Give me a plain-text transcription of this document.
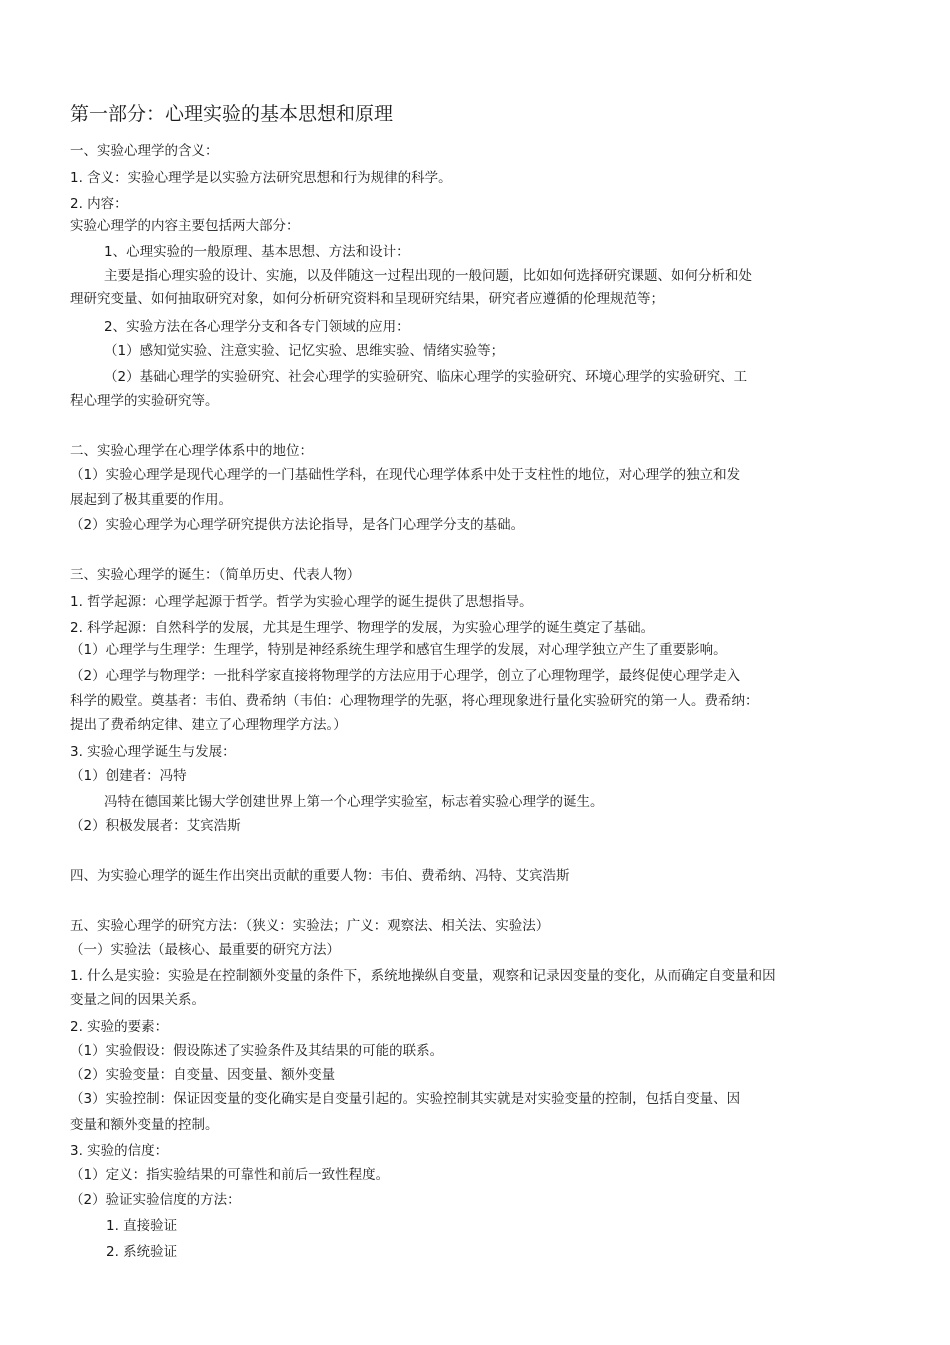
第一部分：心理实验的基本思想和原理
一、实验心理学的含义：
1. 含义：实验心理学是以实验方法研究思想和行为规律的科学。
2. 内容：
实验心理学的内容主要包括两大部分：
1、心理实验的一般原理、基本思想、方法和设计：
主要是指心理实验的设计、实施，以及伴随这一过程出现的一般问题，比如如何选择研究课题、如何分析和处
理研究变量、如何抽取研究对象，如何分析研究资料和呈现研究结果，研究者应遵循的伦理规范等；
2、实验方法在各心理学分支和各专门领域的应用：
（1）感知觉实验、注意实验、记忆实验、思维实验、情绪实验等；
（2）基础心理学的实验研究、社会心理学的实验研究、临床心理学的实验研究、环境心理学的实验研究、工
程心理学的实验研究等。
二、实验心理学在心理学体系中的地位：
（1）实验心理学是现代心理学的一门基础性学科，在现代心理学体系中处于支柱性的地位，对心理学的独立和发
展起到了极其重要的作用。
（2）实验心理学为心理学研究提供方法论指导，是各门心理学分支的基础。
三、实验心理学的诞生：（简单历史、代表人物）
1. 哲学起源：心理学起源于哲学。哲学为实验心理学的诞生提供了思想指导。
2. 科学起源：自然科学的发展，尤其是生理学、物理学的发展，为实验心理学的诞生奠定了基础。
（1）心理学与生理学：生理学，特别是神经系统生理学和感官生理学的发展，对心理学独立产生了重要影响。
（2）心理学与物理学：一批科学家直接将物理学的方法应用于心理学，创立了心理物理学，最终促使心理学走入
科学的殿堂。奠基者：韦伯、费希纳（韦伯：心理物理学的先驱，将心理现象进行量化实验研究的第一人。费希纳：
提出了费希纳定律、建立了心理物理学方法。）
3. 实验心理学诞生与发展：
（1）创建者：冯特
冯特在德国莱比锡大学创建世界上第一个心理学实验室，标志着实验心理学的诞生。
（2）积极发展者：艾宾浩斯
四、为实验心理学的诞生作出突出贡献的重要人物：韦伯、费希纳、冯特、艾宾浩斯
五、实验心理学的研究方法：（狭义：实验法；广义：观察法、相关法、实验法）
（一）实验法（最核心、最重要的研究方法）
1. 什么是实验：实验是在控制额外变量的条件下，系统地操纵自变量，观察和记录因变量的变化，从而确定自变量和因
变量之间的因果关系。
2. 实验的要素：
（1）实验假设：假设陈述了实验条件及其结果的可能的联系。
（2）实验变量：自变量、因变量、额外变量
（3）实验控制：保证因变量的变化确实是自变量引起的。实验控制其实就是对实验变量的控制，包括自变量、因
变量和额外变量的控制。
3. 实验的信度：
（1）定义：指实验结果的可靠性和前后一致性程度。
（2）验证实验信度的方法：
1. 直接验证
2. 系统验证
